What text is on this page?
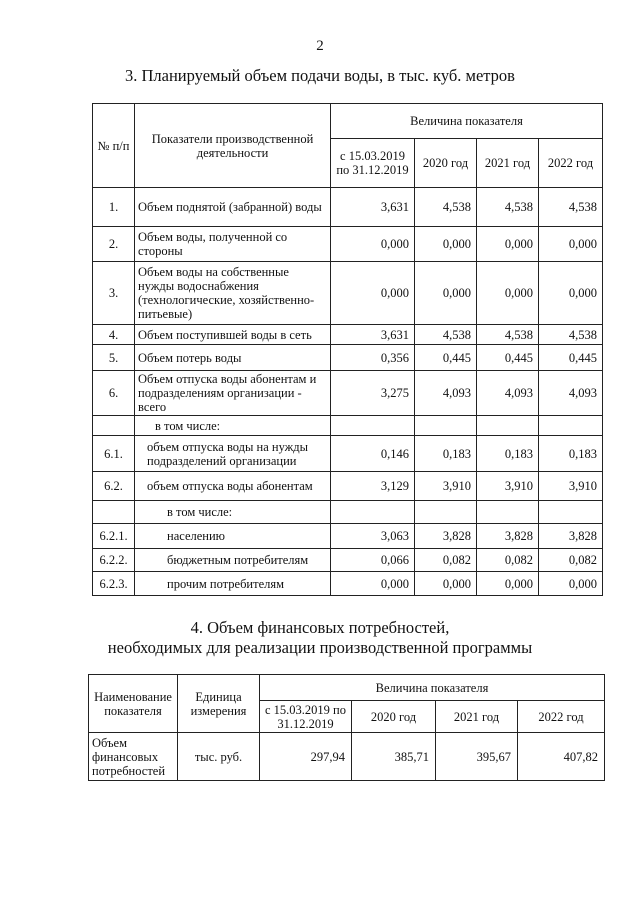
2
3. Планируемый объем подачи воды, в тыс. куб. метров
№ п/п	Показатели производственной деятельности	Величина показателя			
		с 15.03.2019 по 31.12.2019	2020 год	2021 год	2022 год
1.	Объем поднятой (забранной) воды	3,631	4,538	4,538	4,538
2.	Объем воды, полученной со стороны	0,000	0,000	0,000	0,000
3.	Объем воды на собственные нужды водоснабжения (технологические, хозяйственно-питьевые)	0,000	0,000	0,000	0,000
4.	Объем поступившей воды в сеть	3,631	4,538	4,538	4,538
5.	Объем потерь воды	0,356	0,445	0,445	0,445
6.	Объем отпуска воды абонентам и подразделениям организации - всего	3,275	4,093	4,093	4,093
	в том числе:				
6.1.	объем отпуска воды на нужды подразделений организации	0,146	0,183	0,183	0,183
6.2.	объем отпуска воды абонентам	3,129	3,910	3,910	3,910
	в том числе:				
6.2.1.	населению	3,063	3,828	3,828	3,828
6.2.2.	бюджетным потребителям	0,066	0,082	0,082	0,082
6.2.3.	прочим потребителям	0,000	0,000	0,000	0,000
4. Объем финансовых потребностей,
необходимых для реализации производственной программы
Наименование показателя	Единица измерения	Величина показателя			
		с 15.03.2019 по 31.12.2019	2020 год	2021 год	2022 год
Объем финансовых потребностей	тыс. руб.	297,94	385,71	395,67	407,82
